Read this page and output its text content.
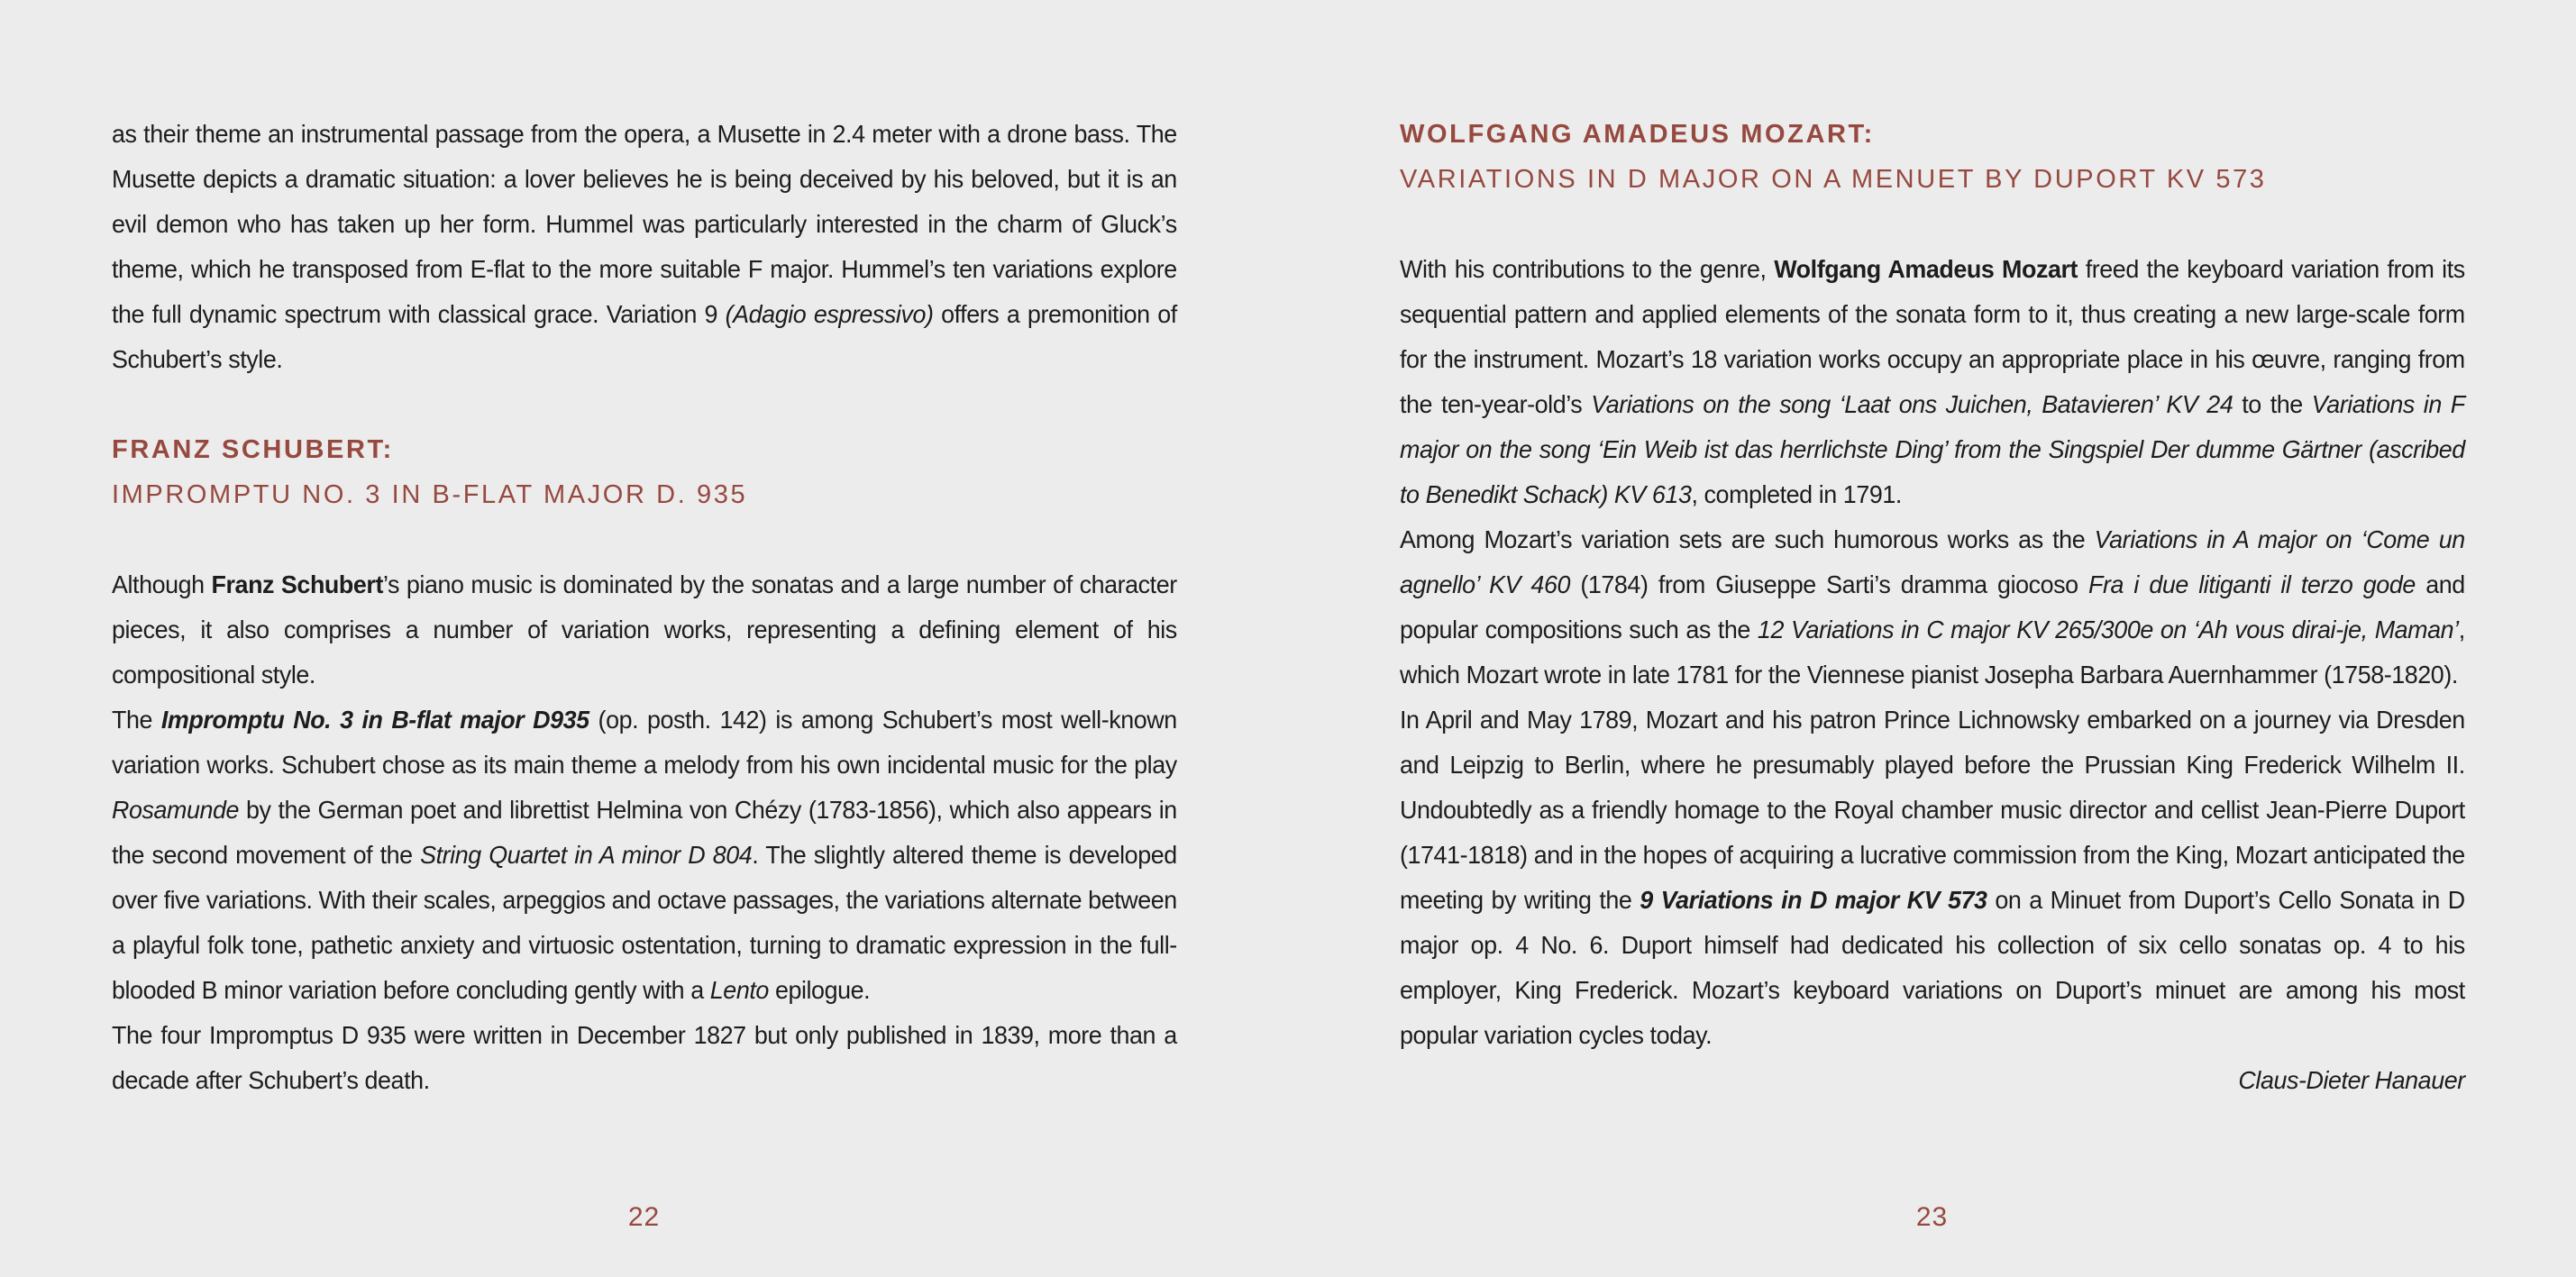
as their theme an instrumental passage from the opera, a Musette in 2.4 meter with a drone bass. The Musette depicts a dramatic situation: a lover believes he is being deceived by his beloved, but it is an evil demon who has taken up her form. Hummel was particularly interested in the charm of Gluck’s theme, which he transposed from E-flat to the more suitable F major. Hummel’s ten variations explore the full dynamic spectrum with classical grace. Variation 9 (Adagio espressivo) offers a premonition of Schubert’s style.

FRANZ SCHUBERT:
IMPROMPTU NO. 3 IN B-FLAT MAJOR D. 935

Although Franz Schubert’s piano music is dominated by the sonatas and a large number of character pieces, it also comprises a number of variation works, representing a defining element of his compositional style.

The Impromptu No. 3 in B-flat major D935 (op. posth. 142) is among Schubert’s most well-known variation works. Schubert chose as its main theme a melody from his own incidental music for the play Rosamunde by the German poet and librettist Helmina von Chézy (1783-1856), which also appears in the second movement of the String Quartet in A minor D 804. The slightly altered theme is developed over five variations. With their scales, arpeggios and octave passages, the variations alternate between a playful folk tone, pathetic anxiety and virtuosic ostentation, turning to dramatic expression in the full-blooded B minor variation before concluding gently with a Lento epilogue.

The four Impromptus D 935 were written in December 1827 but only published in 1839, more than a decade after Schubert’s death.

22
WOLFGANG AMADEUS MOZART:
VARIATIONS IN D MAJOR ON A MENUET BY DUPORT KV 573

With his contributions to the genre, Wolfgang Amadeus Mozart freed the keyboard variation from its sequential pattern and applied elements of the sonata form to it, thus creating a new large-scale form for the instrument. Mozart’s 18 variation works occupy an appropriate place in his œuvre, ranging from the ten-year-old’s Variations on the song ‘Laat ons Juichen, Batavieren’ KV 24 to the Variations in F major on the song ‘Ein Weib ist das herrlichste Ding’ from the Singspiel Der dumme Gärtner (ascribed to Benedikt Schack) KV 613, completed in 1791.

Among Mozart’s variation sets are such humorous works as the Variations in A major on ‘Come un agnello’ KV 460 (1784) from Giuseppe Sarti’s dramma giocoso Fra i due litiganti il terzo gode and popular compositions such as the 12 Variations in C major KV 265/300e on ‘Ah vous dirai-je, Maman’, which Mozart wrote in late 1781 for the Viennese pianist Josepha Barbara Auernhammer (1758-1820).

In April and May 1789, Mozart and his patron Prince Lichnowsky embarked on a journey via Dresden and Leipzig to Berlin, where he presumably played before the Prussian King Frederick Wilhelm II. Undoubtedly as a friendly homage to the Royal chamber music director and cellist Jean-Pierre Duport (1741-1818) and in the hopes of acquiring a lucrative commission from the King, Mozart anticipated the meeting by writing the 9 Variations in D major KV 573 on a Minuet from Duport’s Cello Sonata in D major op. 4 No. 6. Duport himself had dedicated his collection of six cello sonatas op. 4 to his employer, King Frederick. Mozart’s keyboard variations on Duport’s minuet are among his most popular variation cycles today.

Claus-Dieter Hanauer

23
